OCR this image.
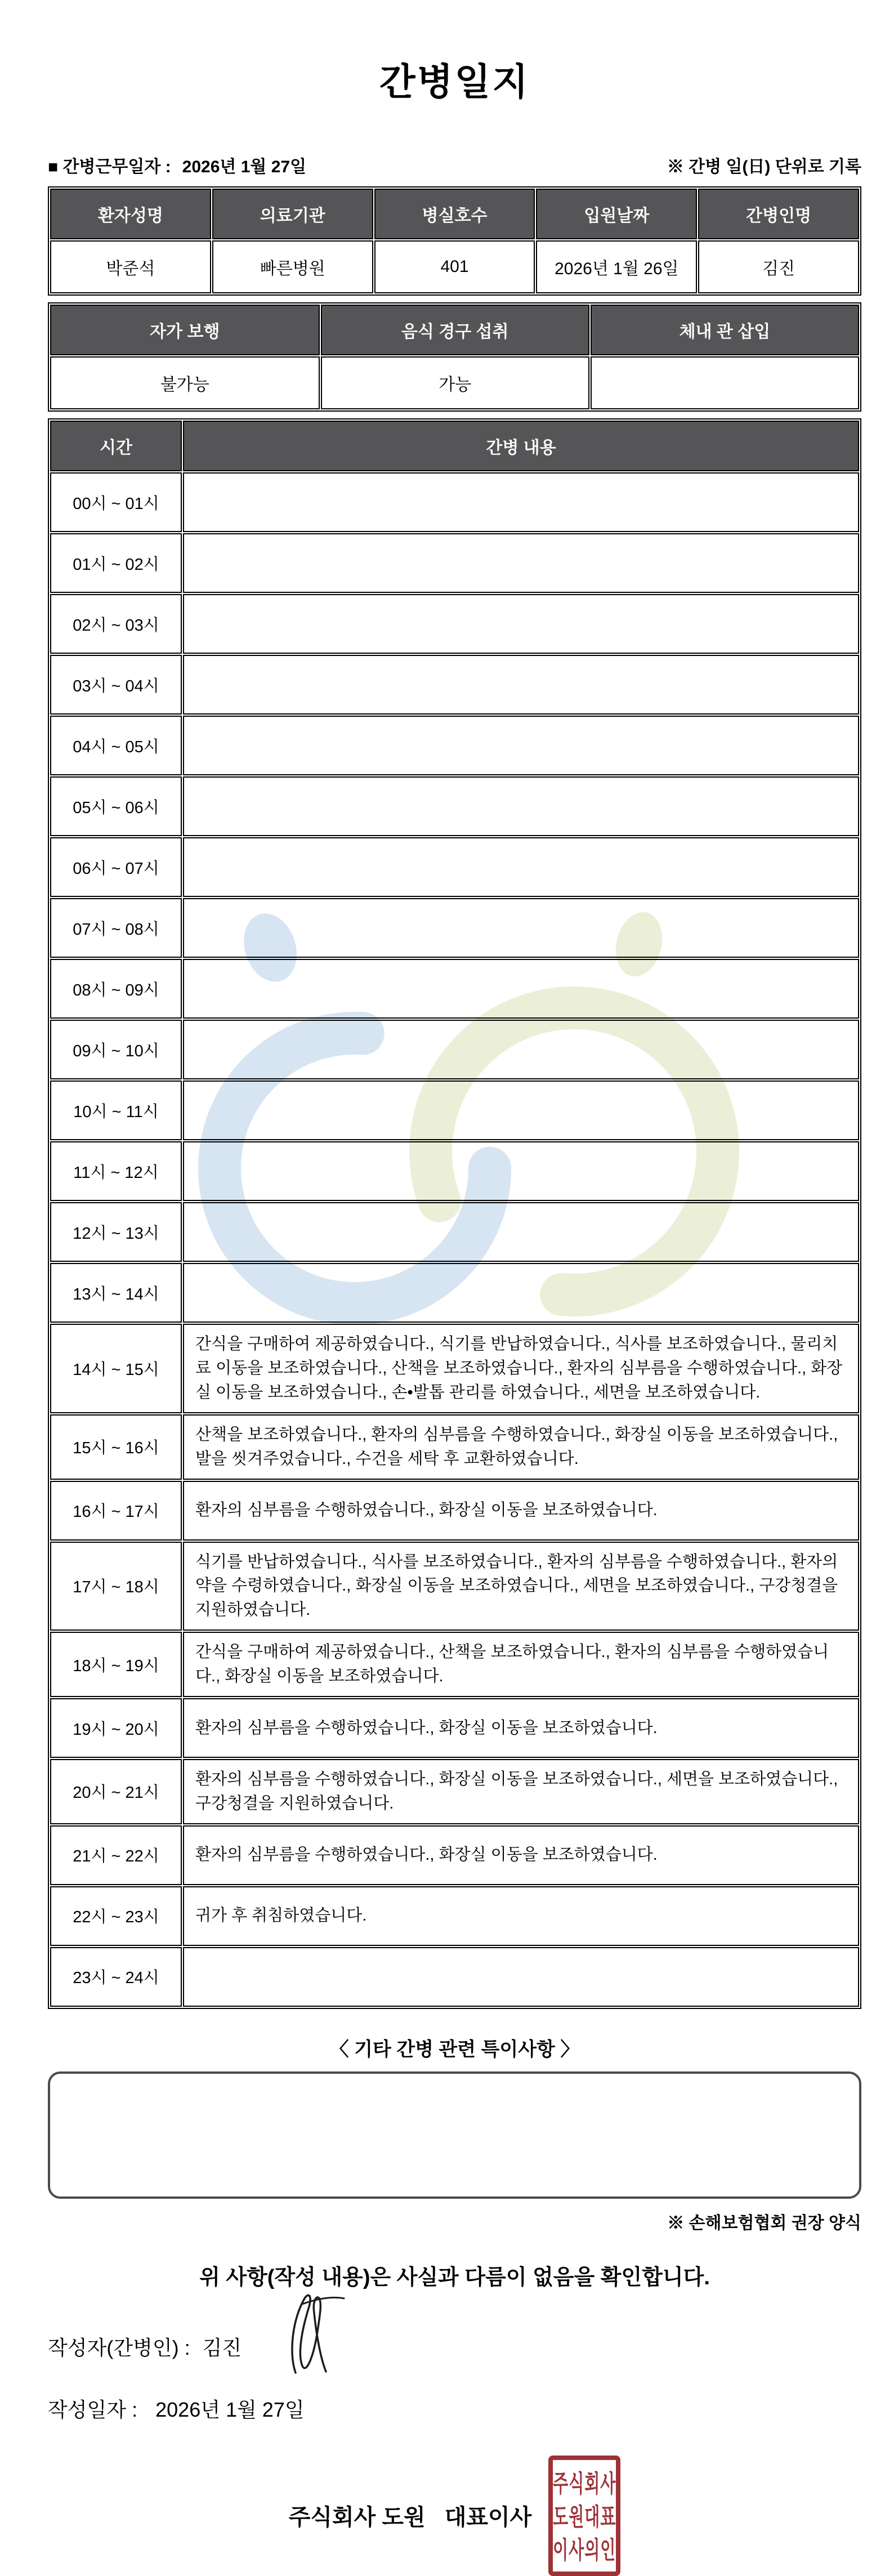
간병일지
■ 간병근무일자 : 2026년 1월 27일	※ 간병 일(日) 단위로 기록
환자성명	의료기관	병실호수	입원날짜	간병인명
박준석	빠른병원	401	2026년 1월 26일	김진
자가 보행	음식 경구 섭취	체내 관 삽입
불가능	가능	
시간	간병 내용
00시 ~ 01시	
01시 ~ 02시	
02시 ~ 03시	
03시 ~ 04시	
04시 ~ 05시	
05시 ~ 06시	
06시 ~ 07시	
07시 ~ 08시	
08시 ~ 09시	
09시 ~ 10시	
10시 ~ 11시	
11시 ~ 12시	
12시 ~ 13시	
13시 ~ 14시	
14시 ~ 15시	간식을 구매하여 제공하였습니다., 식기를 반납하였습니다., 식사를 보조하였습니다., 물리치료 이동을 보조하였습니다., 산책을 보조하였습니다., 환자의 심부름을 수행하였습니다., 화장실 이동을 보조하였습니다., 손•발톱 관리를 하였습니다., 세면을 보조하였습니다.
15시 ~ 16시	산책을 보조하였습니다., 환자의 심부름을 수행하였습니다., 화장실 이동을 보조하였습니다., 발을 씻겨주었습니다., 수건을 세탁 후 교환하였습니다.
16시 ~ 17시	환자의 심부름을 수행하였습니다., 화장실 이동을 보조하였습니다.
17시 ~ 18시	식기를 반납하였습니다., 식사를 보조하였습니다., 환자의 심부름을 수행하였습니다., 환자의 약을 수령하였습니다., 화장실 이동을 보조하였습니다., 세면을 보조하였습니다., 구강청결을 지원하였습니다.
18시 ~ 19시	간식을 구매하여 제공하였습니다., 산책을 보조하였습니다., 환자의 심부름을 수행하였습니다., 화장실 이동을 보조하였습니다.
19시 ~ 20시	환자의 심부름을 수행하였습니다., 화장실 이동을 보조하였습니다.
20시 ~ 21시	환자의 심부름을 수행하였습니다., 화장실 이동을 보조하였습니다., 세면을 보조하였습니다., 구강청결을 지원하였습니다.
21시 ~ 22시	환자의 심부름을 수행하였습니다., 화장실 이동을 보조하였습니다.
22시 ~ 23시	귀가 후 취침하였습니다.
23시 ~ 24시	
〈 기타 간병 관련 특이사항 〉
※ 손해보험협회 권장 양식
위 사항(작성 내용)은 사실과 다름이 없음을 확인합니다.
작성자(간병인) : 김진
작성일자 : 2026년 1월 27일
주식회사 도원 대표이사
주식회사
도원대표
이사의인
